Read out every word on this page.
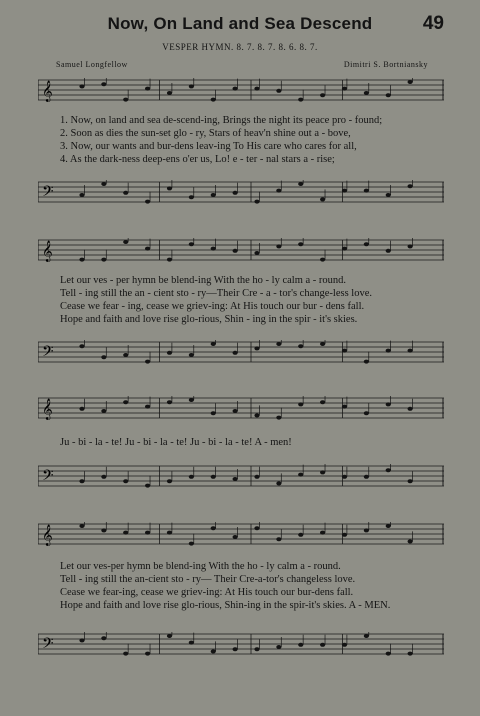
Now, On Land and Sea Descend	49
VESPER HYMN. 8. 7. 8. 7. 8. 6. 8. 7.
Samuel Longfellow	Dimitri S. Bortniansky
𝄞
1. Now, on land and sea de-scend-ing, Brings the night its peace pro - found;
2. Soon as dies the sun-set glo - ry, Stars of heav'n shine out a - bove,
3. Now, our wants and bur-dens leav-ing To His care who cares for all,
4. As the dark-ness deep-ens o'er us, Lo! e - ter - nal stars a - rise;
𝄢
𝄞
Let our ves - per hymn be blend-ing With the ho - ly calm a - round.
Tell - ing still the an - cient sto - ry—Their Cre - a - tor's change-less love.
Cease we fear - ing, cease we griev-ing: At His touch our bur - dens fall.
Hope and faith and love rise glo-rious, Shin - ing in the spir - it's skies.
𝄢
𝄞
Ju - bi - la - te! Ju - bi - la - te! Ju - bi - la - te! A - men!
𝄢
𝄞
Let our ves-per hymn be blend-ing With the ho - ly calm a - round.
Tell - ing still the an-cient sto - ry— Their Cre-a-tor's changeless love.
Cease we fear-ing, cease we griev-ing: At His touch our bur-dens fall.
Hope and faith and love rise glo-rious, Shin-ing in the spir-it's skies. A - MEN.
𝄢
